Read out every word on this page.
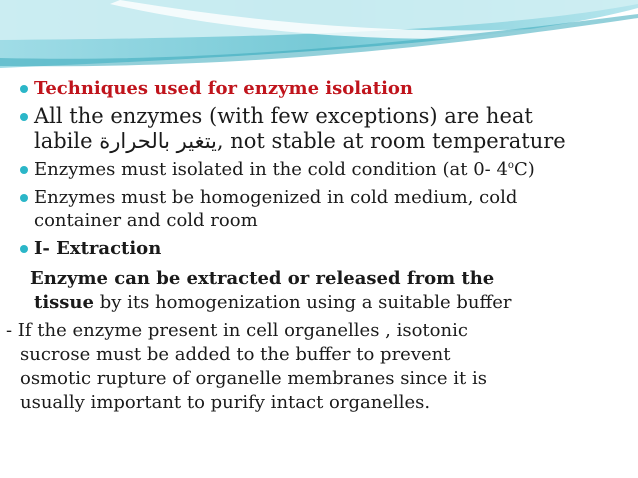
Techniques used for enzyme isolation
All the enzymes (with few exceptions) are heat
labile يتغير بالحرارة, not stable at room temperature
Enzymes must isolated in the cold condition (at 0- 4$^o$C)
Enzymes must be homogenized in cold medium, cold
container and cold room
I- Extraction
Enzyme can be extracted or released from the
tissue by its homogenization using a suitable buffer
- If the enzyme present in cell organelles , isotonic
sucrose must be added to the buffer to prevent
osmotic rupture of organelle membranes since it is
usually important to purify intact organelles.
